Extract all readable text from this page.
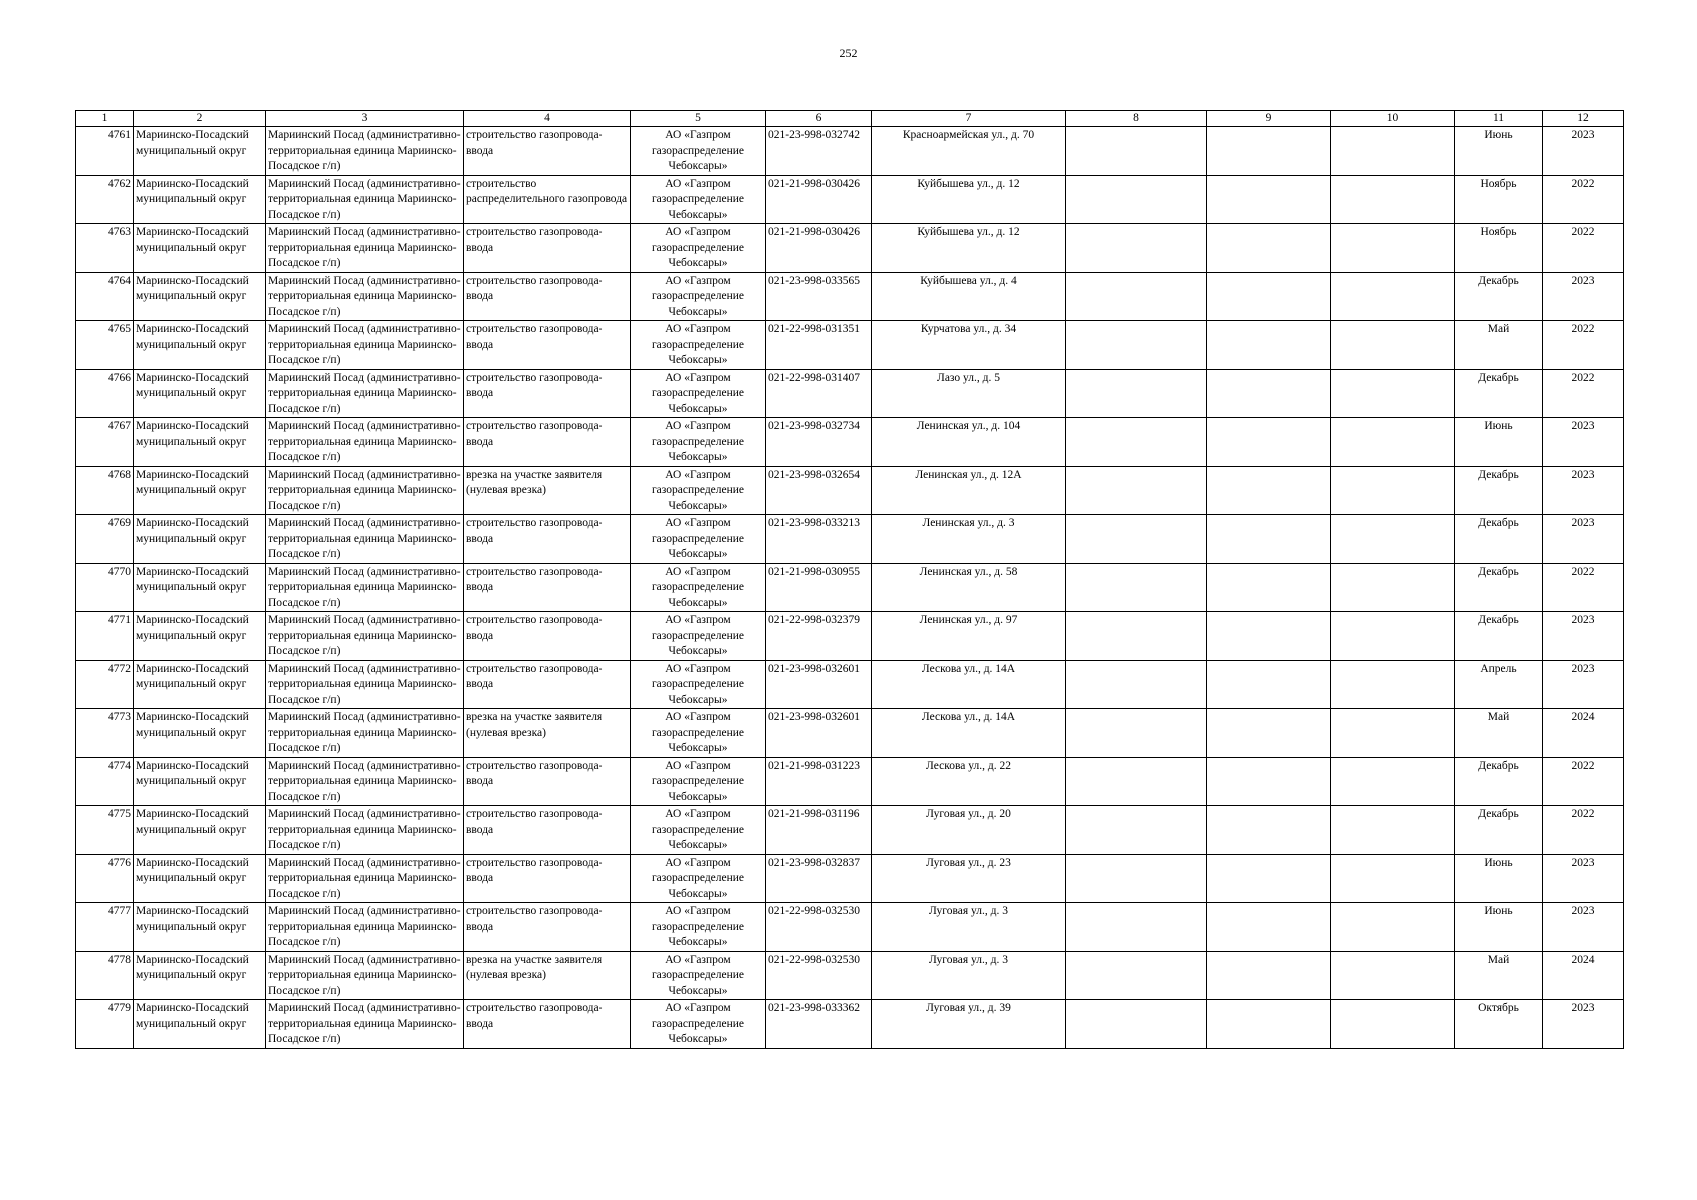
252
1	2	3	4	5	6	7	8	9	10	11	12
4761	Мариинско-Посадский муниципальный округ	Мариинский Посад (административно-территориальная единица Мариинско-Посадское г/п)	строительство газопровода-ввода	АО «Газпром газораспределение Чебоксары»	021-23-998-032742	Красноармейская ул., д. 70				Июнь	2023
4762	Мариинско-Посадский муниципальный округ	Мариинский Посад (административно-территориальная единица Мариинско-Посадское г/п)	строительство распределительного газопровода	АО «Газпром газораспределение Чебоксары»	021-21-998-030426	Куйбышева ул., д. 12				Ноябрь	2022
4763	Мариинско-Посадский муниципальный округ	Мариинский Посад (административно-территориальная единица Мариинско-Посадское г/п)	строительство газопровода-ввода	АО «Газпром газораспределение Чебоксары»	021-21-998-030426	Куйбышева ул., д. 12				Ноябрь	2022
4764	Мариинско-Посадский муниципальный округ	Мариинский Посад (административно-территориальная единица Мариинско-Посадское г/п)	строительство газопровода-ввода	АО «Газпром газораспределение Чебоксары»	021-23-998-033565	Куйбышева ул., д. 4				Декабрь	2023
4765	Мариинско-Посадский муниципальный округ	Мариинский Посад (административно-территориальная единица Мариинско-Посадское г/п)	строительство газопровода-ввода	АО «Газпром газораспределение Чебоксары»	021-22-998-031351	Курчатова ул., д. 34				Май	2022
4766	Мариинско-Посадский муниципальный округ	Мариинский Посад (административно-территориальная единица Мариинско-Посадское г/п)	строительство газопровода-ввода	АО «Газпром газораспределение Чебоксары»	021-22-998-031407	Лазо ул., д. 5				Декабрь	2022
4767	Мариинско-Посадский муниципальный округ	Мариинский Посад (административно-территориальная единица Мариинско-Посадское г/п)	строительство газопровода-ввода	АО «Газпром газораспределение Чебоксары»	021-23-998-032734	Ленинская ул., д. 104				Июнь	2023
4768	Мариинско-Посадский муниципальный округ	Мариинский Посад (административно-территориальная единица Мариинско-Посадское г/п)	врезка на участке заявителя (нулевая врезка)	АО «Газпром газораспределение Чебоксары»	021-23-998-032654	Ленинская ул., д. 12А				Декабрь	2023
4769	Мариинско-Посадский муниципальный округ	Мариинский Посад (административно-территориальная единица Мариинско-Посадское г/п)	строительство газопровода-ввода	АО «Газпром газораспределение Чебоксары»	021-23-998-033213	Ленинская ул., д. 3				Декабрь	2023
4770	Мариинско-Посадский муниципальный округ	Мариинский Посад (административно-территориальная единица Мариинско-Посадское г/п)	строительство газопровода-ввода	АО «Газпром газораспределение Чебоксары»	021-21-998-030955	Ленинская ул., д. 58				Декабрь	2022
4771	Мариинско-Посадский муниципальный округ	Мариинский Посад (административно-территориальная единица Мариинско-Посадское г/п)	строительство газопровода-ввода	АО «Газпром газораспределение Чебоксары»	021-22-998-032379	Ленинская ул., д. 97				Декабрь	2023
4772	Мариинско-Посадский муниципальный округ	Мариинский Посад (административно-территориальная единица Мариинско-Посадское г/п)	строительство газопровода-ввода	АО «Газпром газораспределение Чебоксары»	021-23-998-032601	Лескова ул., д. 14А				Апрель	2023
4773	Мариинско-Посадский муниципальный округ	Мариинский Посад (административно-территориальная единица Мариинско-Посадское г/п)	врезка на участке заявителя (нулевая врезка)	АО «Газпром газораспределение Чебоксары»	021-23-998-032601	Лескова ул., д. 14А				Май	2024
4774	Мариинско-Посадский муниципальный округ	Мариинский Посад (административно-территориальная единица Мариинско-Посадское г/п)	строительство газопровода-ввода	АО «Газпром газораспределение Чебоксары»	021-21-998-031223	Лескова ул., д. 22				Декабрь	2022
4775	Мариинско-Посадский муниципальный округ	Мариинский Посад (административно-территориальная единица Мариинско-Посадское г/п)	строительство газопровода-ввода	АО «Газпром газораспределение Чебоксары»	021-21-998-031196	Луговая ул., д. 20				Декабрь	2022
4776	Мариинско-Посадский муниципальный округ	Мариинский Посад (административно-территориальная единица Мариинско-Посадское г/п)	строительство газопровода-ввода	АО «Газпром газораспределение Чебоксары»	021-23-998-032837	Луговая ул., д. 23				Июнь	2023
4777	Мариинско-Посадский муниципальный округ	Мариинский Посад (административно-территориальная единица Мариинско-Посадское г/п)	строительство газопровода-ввода	АО «Газпром газораспределение Чебоксары»	021-22-998-032530	Луговая ул., д. 3				Июнь	2023
4778	Мариинско-Посадский муниципальный округ	Мариинский Посад (административно-территориальная единица Мариинско-Посадское г/п)	врезка на участке заявителя (нулевая врезка)	АО «Газпром газораспределение Чебоксары»	021-22-998-032530	Луговая ул., д. 3				Май	2024
4779	Мариинско-Посадский муниципальный округ	Мариинский Посад (административно-территориальная единица Мариинско-Посадское г/п)	строительство газопровода-ввода	АО «Газпром газораспределение Чебоксары»	021-23-998-033362	Луговая ул., д. 39				Октябрь	2023
